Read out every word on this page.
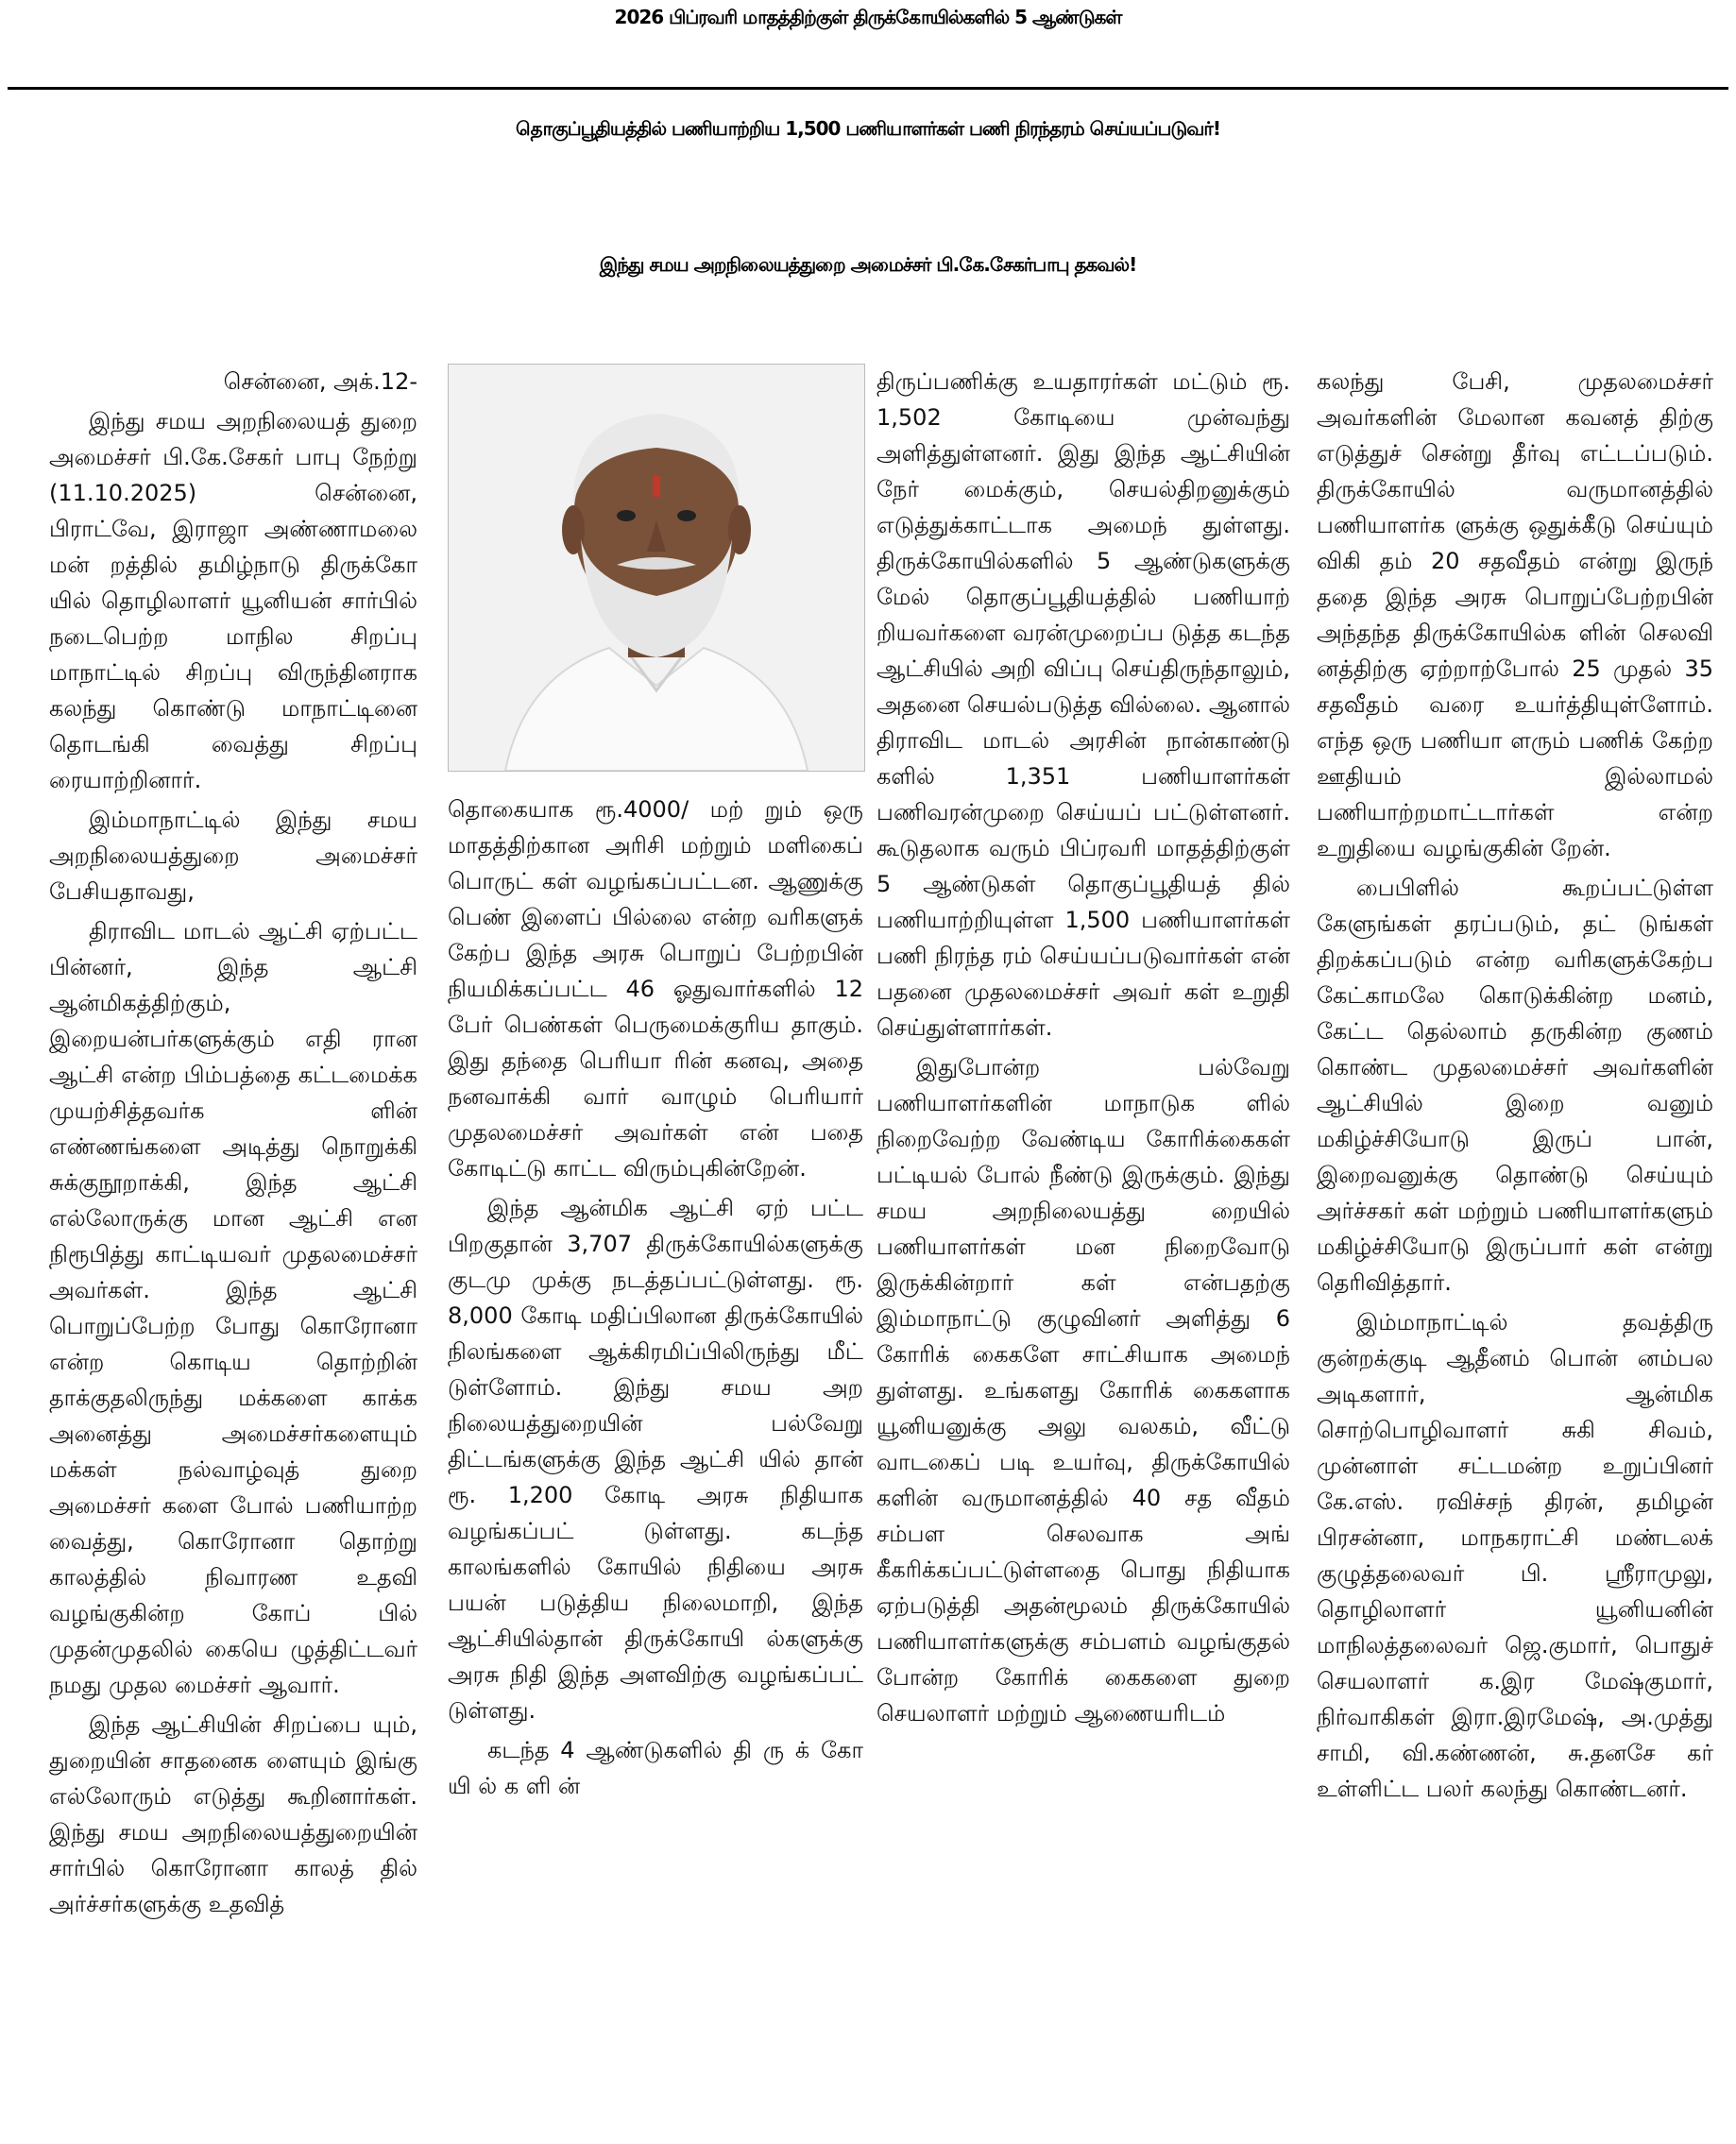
2026 பிப்ரவரி மாதத்திற்குள் திருக்கோயில்களில் 5 ஆண்டுகள்
தொகுப்பூதியத்தில் பணியாற்றிய 1,500 பணியாளர்கள் பணி நிரந்தரம் செய்யப்படுவர்!
இந்து சமய அறநிலையத்துறை அமைச்சர் பி.கே.சேகர்பாபு தகவல்!

சென்னை, அக்.12-

இந்து சமய அறநிலையத் துறை அமைச்சர் பி.கே.சேகர் பாபு நேற்று (11.10.2025) சென்னை, பிராட்வே, இராஜா அண்ணாமலை மன் றத்தில் தமிழ்நாடு திருக்கோ யில் தொழிலாளர் யூனியன் சார்பில் நடைபெற்ற மாநில சிறப்பு மாநாட்டில் சிறப்பு விருந்தினராக கலந்து கொண்டு மாநாட்டினை தொடங்கி வைத்து சிறப்பு ரையாற்றினார்.

இம்மாநாட்டில் இந்து சமய அறநிலையத்துறை அமைச்சர் பேசியதாவது,

திராவிட மாடல் ஆட்சி ஏற்பட்ட பின்னர், இந்த ஆட்சி ஆன்மிகத்திற்கும், இறையன்பர்களுக்கும் எதி ரான ஆட்சி என்ற பிம்பத்தை கட்டமைக்க முயற்சித்தவர்க ளின் எண்ணங்களை அடித்து நொறுக்கி சுக்குநூறாக்கி, இந்த ஆட்சி எல்லோருக்கு மான ஆட்சி என நிரூபித்து காட்டியவர் முதலமைச்சர் அவர்கள். இந்த ஆட்சி பொறுப்பேற்ற போது கொரோனா என்ற கொடிய தொற்றின் தாக்குதலிருந்து மக்களை காக்க அனைத்து அமைச்சர்களையும் மக்கள் நல்வாழ்வுத் துறை அமைச்சர் களை போல் பணியாற்ற வைத்து, கொரோனா தொற்று காலத்தில் நிவாரண உதவி வழங்குகின்ற கோப் பில் முதன்முதலில் கையெ ழுத்திட்டவர் நமது முதல மைச்சர் ஆவார்.

இந்த ஆட்சியின் சிறப்பை யும், துறையின் சாதனைக ளையும் இங்கு எல்லோரும் எடுத்து கூறினார்கள். இந்து சமய அறநிலையத்துறையின் சார்பில் கொரோனா காலத் தில் அர்ச்சர்களுக்கு உதவித்

தொகையாக ரூ.4000/ மற் றும் ஒரு மாதத்திற்கான அரிசி மற்றும் மளிகைப் பொருட் கள் வழங்கப்பட்டன. ஆணுக்கு பெண் இளைப் பில்லை என்ற வரிகளுக் கேற்ப இந்த அரசு பொறுப் பேற்றபின் நியமிக்கப்பட்ட 46 ஓதுவார்களில் 12 பேர் பெண்கள் பெருமைக்குரிய தாகும். இது தந்தை பெரியா ரின் கனவு, அதை நனவாக்கி வார் வாழும் பெரியார் முதலமைச்சர் அவர்கள் என் பதை கோடிட்டு காட்ட விரும்புகின்றேன்.

இந்த ஆன்மிக ஆட்சி ஏற் பட்ட பிறகுதான் 3,707 திருக்கோயில்களுக்கு குடமு முக்கு நடத்தப்பட்டுள்ளது. ரூ. 8,000 கோடி மதிப்பிலான திருக்கோயில் நிலங்களை ஆக்கிரமிப்பிலிருந்து மீட் டுள்ளோம். இந்து சமய அற நிலையத்துறையின் பல்வேறு திட்டங்களுக்கு இந்த ஆட்சி யில் தான் ரூ. 1,200 கோடி அரசு நிதியாக வழங்கப்பட் டுள்ளது. கடந்த காலங்களில் கோயில் நிதியை அரசு பயன் படுத்திய நிலைமாறி, இந்த ஆட்சியில்தான் திருக்கோயி ல்களுக்கு அரசு நிதி இந்த அளவிற்கு வழங்கப்பட் டுள்ளது.

கடந்த 4 ஆண்டுகளில் தி ரு க் கோ யி ல் க ளி ன்

திருப்பணிக்கு உயதாரர்கள் மட்டும் ரூ. 1,502 கோடியை முன்வந்து அளித்துள்ளனர். இது இந்த ஆட்சியின் நேர் மைக்கும், செயல்திறனுக்கும் எடுத்துக்காட்டாக அமைந் துள்ளது. திருக்கோயில்களில் 5 ஆண்டுகளுக்கு மேல் தொகுப்பூதியத்தில் பணியாற் றியவர்களை வரன்முறைப்ப டுத்த கடந்த ஆட்சியில் அறி விப்பு செய்திருந்தாலும், அதனை செயல்படுத்த வில்லை. ஆனால் திராவிட மாடல் அரசின் நான்காண்டு களில் 1,351 பணியாளர்கள் பணிவரன்முறை செய்யப் பட்டுள்ளனர். கூடுதலாக வரும் பிப்ரவரி மாதத்திற்குள் 5 ஆண்டுகள் தொகுப்பூதியத் தில் பணியாற்றியுள்ள 1,500 பணியாளர்கள் பணி நிரந்த ரம் செய்யப்படுவார்கள் என் பதனை முதலமைச்சர் அவர் கள் உறுதி செய்துள்ளார்கள்.

இதுபோன்ற பல்வேறு பணியாளர்களின் மாநாடுக ளில் நிறைவேற்ற வேண்டிய கோரிக்கைகள் பட்டியல் போல் நீண்டு இருக்கும். இந்து சமய அறநிலையத்து றையில் பணியாளர்கள் மன நிறைவோடு இருக்கின்றார் கள் என்பதற்கு இம்மாநாட்டு குழுவினர் அளித்து 6 கோரிக் கைகளே சாட்சியாக அமைந் துள்ளது. உங்களது கோரிக் கைகளாக யூனியனுக்கு அலு வலகம், வீட்டு வாடகைப் படி உயர்வு, திருக்கோயில் களின் வருமானத்தில் 40 சத வீதம் சம்பள செலவாக அங் கீகரிக்கப்பட்டுள்ளதை பொது நிதியாக ஏற்படுத்தி அதன்மூலம் திருக்கோயில் பணியாளர்களுக்கு சம்பளம் வழங்குதல் போன்ற கோரிக் கைகளை துறை செயலாளர் மற்றும் ஆணையரிடம்

கலந்து பேசி, முதலமைச்சர் அவர்களின் மேலான கவனத் திற்கு எடுத்துச் சென்று தீர்வு எட்டப்படும். திருக்கோயில் வருமானத்தில் பணியாளர்க ளுக்கு ஒதுக்கீடு செய்யும் விகி தம் 20 சதவீதம் என்று இருந் ததை இந்த அரசு பொறுப்பேற்றபின் அந்தந்த திருக்கோயில்க ளின் செலவி னத்திற்கு ஏற்றாற்போல் 25 முதல் 35 சதவீதம் வரை உயர்த்தியுள்ளோம். எந்த ஒரு பணியா ளரும் பணிக் கேற்ற ஊதியம் இல்லாமல் பணியாற்றமாட்டார்கள் என்ற உறுதியை வழங்குகின் றேன்.

பைபிளில் கூறப்பட்டுள்ள கேளுங்கள் தரப்படும், தட் டுங்கள் திறக்கப்படும் என்ற வரிகளுக்கேற்ப கேட்காமலே கொடுக்கின்ற மனம், கேட்ட தெல்லாம் தருகின்ற குணம் கொண்ட முதலமைச்சர் அவர்களின் ஆட்சியில் இறை வனும் மகிழ்ச்சியோடு இருப் பான், இறைவனுக்கு தொண்டு செய்யும் அர்ச்சகர் கள் மற்றும் பணியாளர்களும் மகிழ்ச்சியோடு இருப்பார் கள் என்று தெரிவித்தார்.

இம்மாநாட்டில் தவத்திரு குன்றக்குடி ஆதீனம் பொன் னம்பல அடிகளார், ஆன்மிக சொற்பொழிவாளர் சுகி சிவம், முன்னாள் சட்டமன்ற உறுப்பினர் கே.எஸ். ரவிச்சந் திரன், தமிழன் பிரசன்னா, மாநகராட்சி மண்டலக் குழுத்தலைவர் பி. ஸ்ரீராமுலு, தொழிலாளர் யூனியனின் மாநிலத்தலைவர் ஜெ.குமார், பொதுச் செயலாளர் க.இர மேஷ்குமார், நிர்வாகிகள் இரா.இரமேஷ், அ.முத்து சாமி, வி.கண்ணன், சு.தனசே கர் உள்ளிட்ட பலர் கலந்து கொண்டனர்.
